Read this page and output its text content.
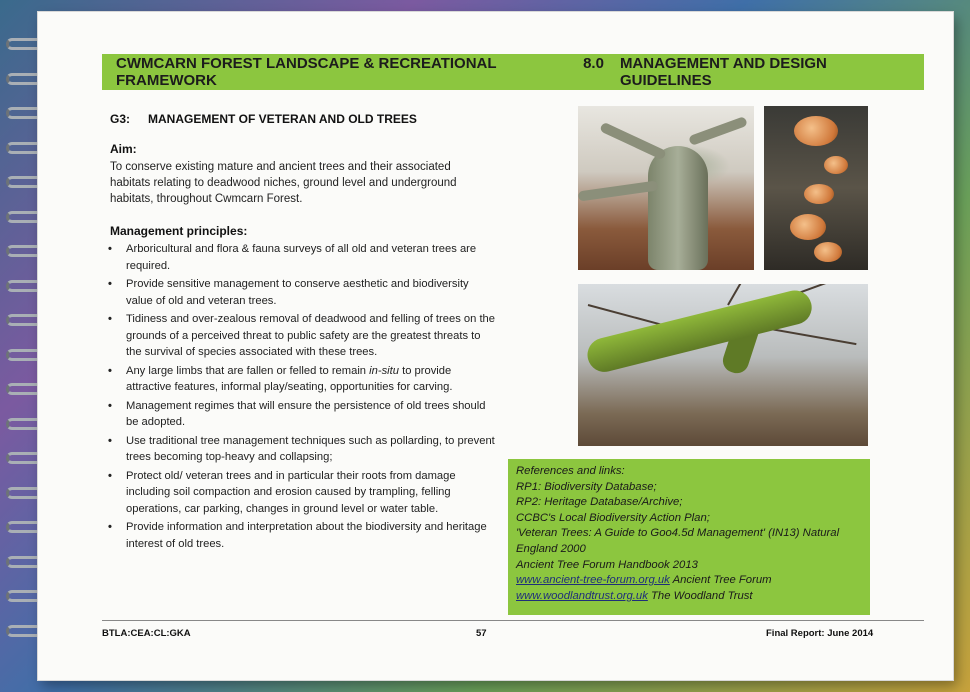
CWMCARN FOREST LANDSCAPE & RECREATIONAL FRAMEWORK
8.0 MANAGEMENT AND DESIGN GUIDELINES
G3: MANAGEMENT OF VETERAN AND OLD TREES
Aim:
To conserve existing mature and ancient trees and their associated habitats relating to deadwood niches, ground level and underground habitats, throughout Cwmcarn Forest.
Management principles:
• Arboricultural and flora & fauna surveys of all old and veteran trees are required.
• Provide sensitive management to conserve aesthetic and biodiversity value of old and veteran trees.
• Tidiness and over-zealous removal of deadwood and felling of trees on the grounds of a perceived threat to public safety are the greatest threats to the survival of species associated with these trees.
• Any large limbs that are fallen or felled to remain in-situ to provide attractive features, informal play/seating, opportunities for carving.
• Management regimes that will ensure the persistence of old trees should be adopted.
• Use traditional tree management techniques such as pollarding, to prevent trees becoming top-heavy and collapsing;
• Protect old/ veteran trees and in particular their roots from damage including soil compaction and erosion caused by trampling, felling operations, car parking, changes in ground level or water table.
• Provide information and interpretation about the biodiversity and heritage interest of old trees.
References and links:
RP1: Biodiversity Database;
RP2: Heritage Database/Archive;
CCBC's Local Biodiversity Action Plan;
'Veteran Trees: A Guide to Goo4.5d Management' (IN13) Natural
England 2000
Ancient Tree Forum Handbook 2013
www.ancient-tree-forum.org.uk Ancient Tree Forum
www.woodlandtrust.org.uk The Woodland Trust
BTLA:CEA:CL:GKA	57	Final Report: June 2014
